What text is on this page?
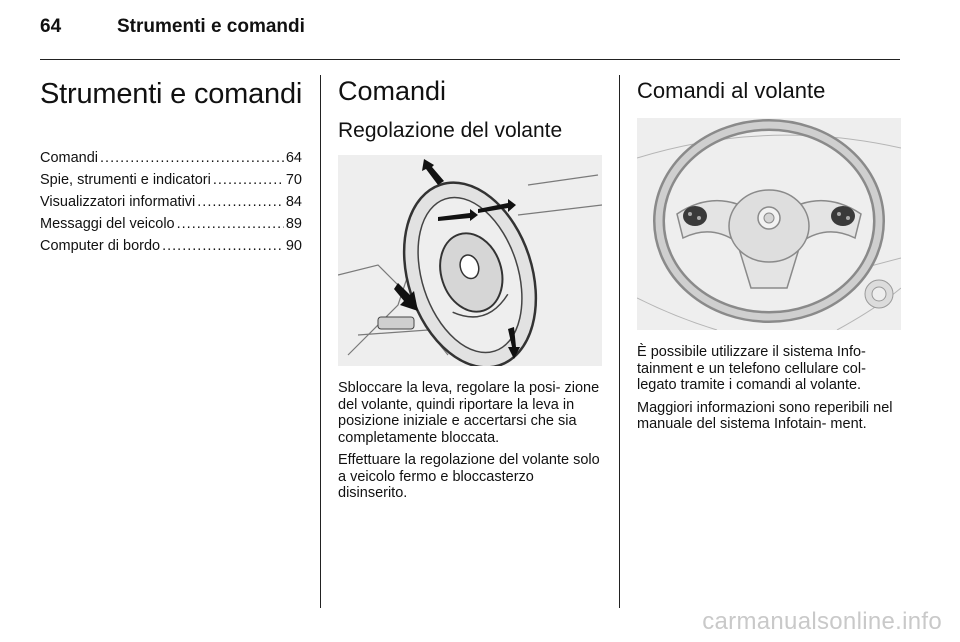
64	Strumenti e comandi
Strumenti e comandi
Comandi .....	64
Spie, strumenti e indicatori .....	70
Visualizzatori informativi .....	84
Messaggi del veicolo .....	89
Computer di bordo .....	90
Comandi
Regolazione del volante

Sbloccare la leva, regolare la posi- zione del volante, quindi riportare la leva in posizione iniziale e accertarsi che sia completamente bloccata.

Effettuare la regolazione del volante solo a veicolo fermo e bloccasterzo disinserito.

Comandi al volante

È possibile utilizzare il sistema Info- tainment e un telefono cellulare col- legato tramite i comandi al volante.

Maggiori informazioni sono reperibili nel manuale del sistema Infotain- ment.

carmanualsonline.info
